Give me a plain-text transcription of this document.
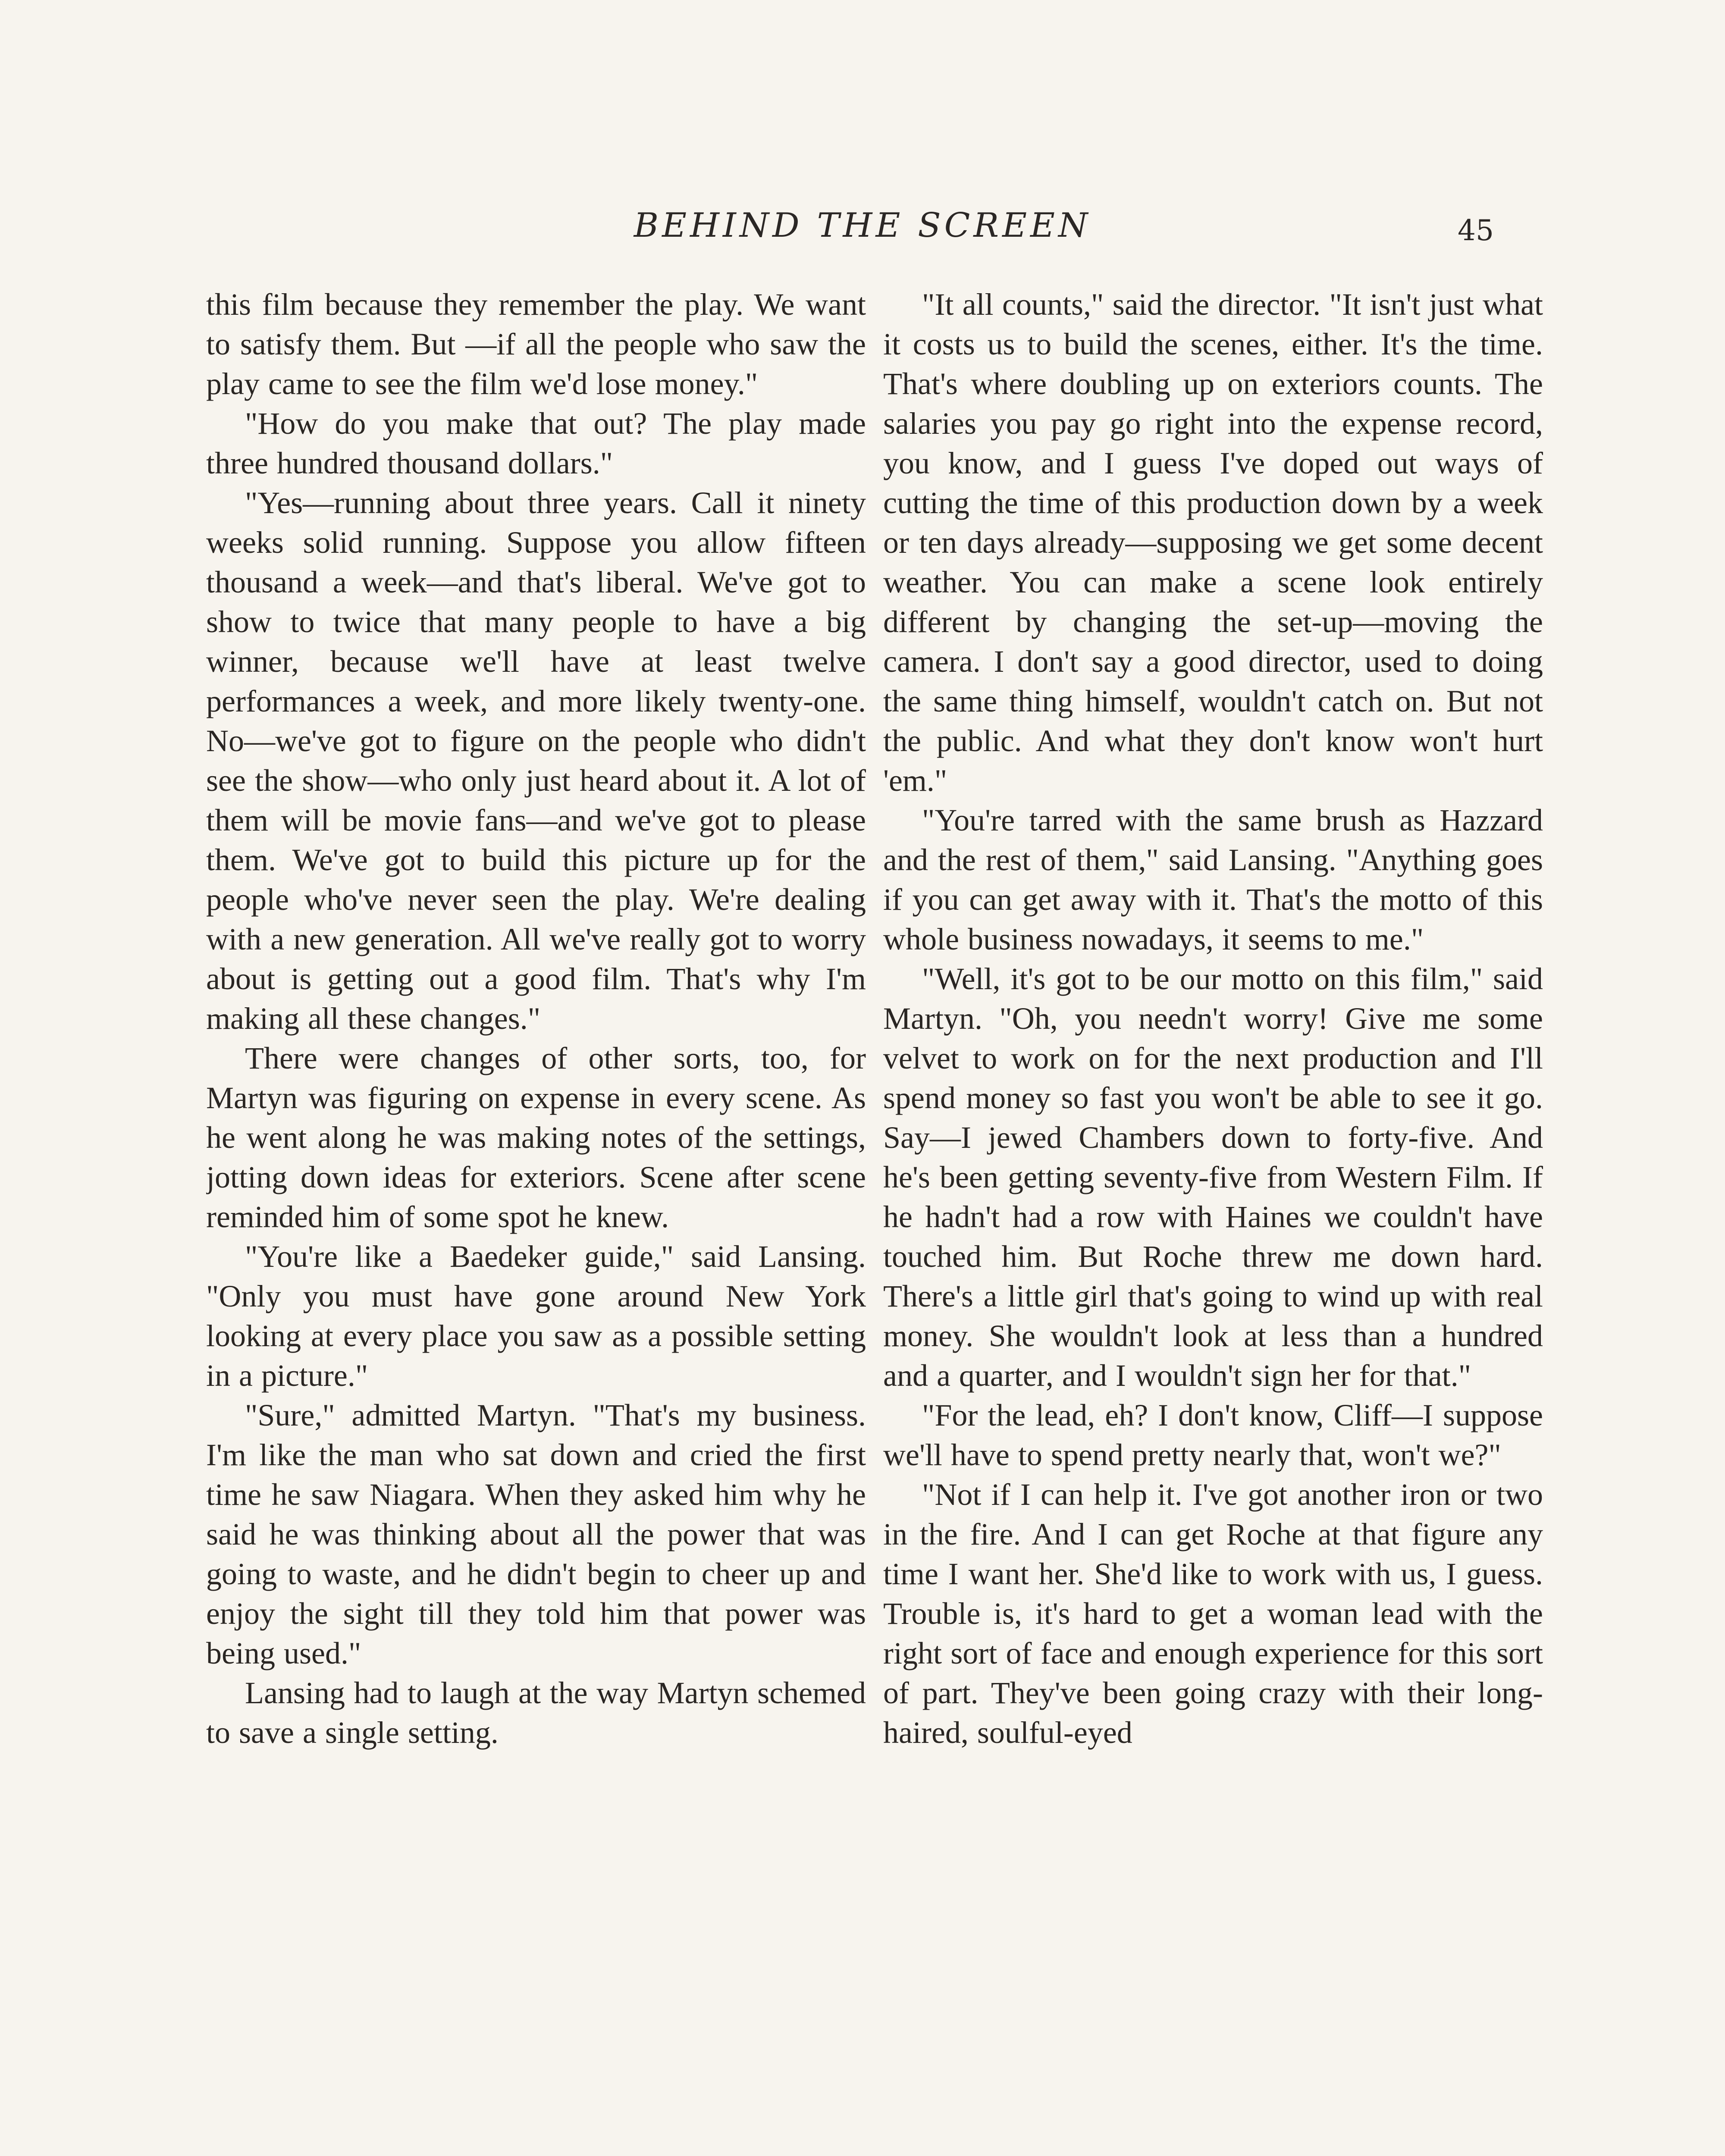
BEHIND THE SCREEN	45

this film because they remember the play. We want to satisfy them. But —if all the people who saw the play came to see the film we'd lose money."

"How do you make that out? The play made three hundred thousand dollars."

"Yes—running about three years. Call it ninety weeks solid running. Suppose you allow fifteen thousand a week—and that's liberal. We've got to show to twice that many people to have a big winner, because we'll have at least twelve performances a week, and more likely twenty-one. No—we've got to figure on the people who didn't see the show—who only just heard about it. A lot of them will be movie fans—and we've got to please them. We've got to build this picture up for the people who've never seen the play. We're dealing with a new generation. All we've really got to worry about is getting out a good film. That's why I'm making all these changes."

There were changes of other sorts, too, for Martyn was figuring on expense in every scene. As he went along he was making notes of the settings, jotting down ideas for exteriors. Scene after scene reminded him of some spot he knew.

"You're like a Baedeker guide," said Lansing. "Only you must have gone around New York looking at every place you saw as a possible setting in a picture."

"Sure," admitted Martyn. "That's my business. I'm like the man who sat down and cried the first time he saw Niagara. When they asked him why he said he was thinking about all the power that was going to waste, and he didn't begin to cheer up and enjoy the sight till they told him that power was being used."

Lansing had to laugh at the way Martyn schemed to save a single setting.

"It all counts," said the director. "It isn't just what it costs us to build the scenes, either. It's the time. That's where doubling up on exteriors counts. The salaries you pay go right into the expense record, you know, and I guess I've doped out ways of cutting the time of this production down by a week or ten days already—supposing we get some decent weather. You can make a scene look entirely different by changing the set-up—moving the camera. I don't say a good director, used to doing the same thing himself, wouldn't catch on. But not the public. And what they don't know won't hurt 'em."

"You're tarred with the same brush as Hazzard and the rest of them," said Lansing. "Anything goes if you can get away with it. That's the motto of this whole business nowadays, it seems to me."

"Well, it's got to be our motto on this film," said Martyn. "Oh, you needn't worry! Give me some velvet to work on for the next production and I'll spend money so fast you won't be able to see it go. Say—I jewed Chambers down to forty-five. And he's been getting seventy-five from Western Film. If he hadn't had a row with Haines we couldn't have touched him. But Roche threw me down hard. There's a little girl that's going to wind up with real money. She wouldn't look at less than a hundred and a quarter, and I wouldn't sign her for that."

"For the lead, eh? I don't know, Cliff—I suppose we'll have to spend pretty nearly that, won't we?"

"Not if I can help it. I've got another iron or two in the fire. And I can get Roche at that figure any time I want her. She'd like to work with us, I guess. Trouble is, it's hard to get a woman lead with the right sort of face and enough experience for this sort of part. They've been going crazy with their long-haired, soulful-eyed
